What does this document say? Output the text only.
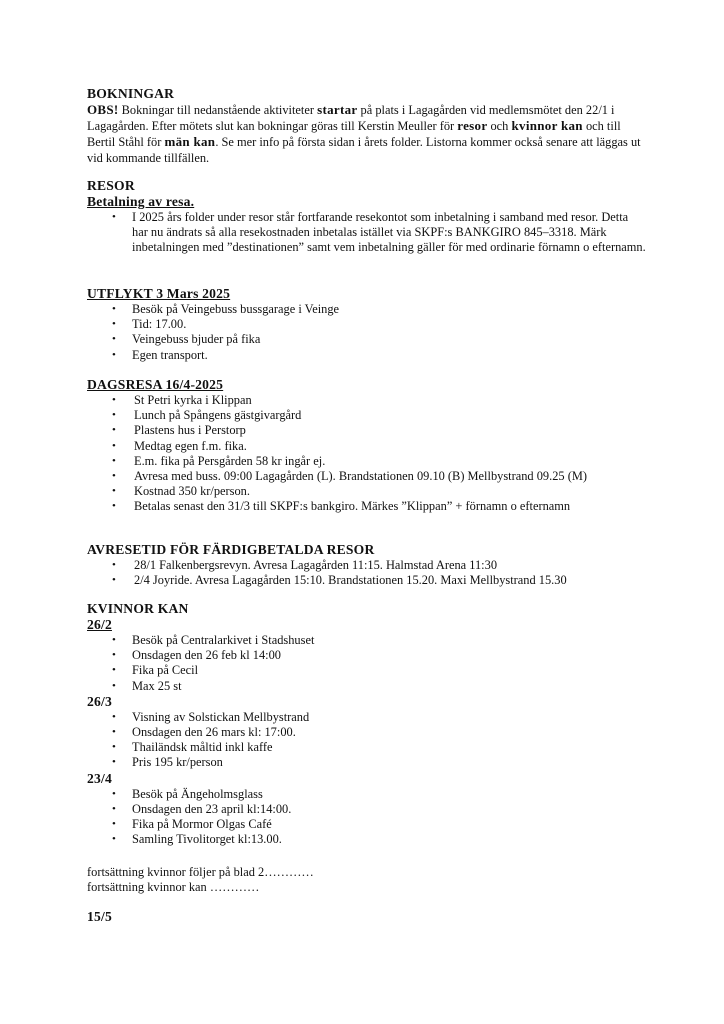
BOKNINGAR

OBS! Bokningar till nedanstående aktiviteter startar på plats i Lagagården vid medlemsmötet den 22/1 i Lagagården. Efter mötets slut kan bokningar göras till Kerstin Meuller för resor och kvinnor kan och till Bertil Ståhl för män kan. Se mer info på första sidan i årets folder. Listorna kommer också senare att läggas ut vid kommande tillfällen.

RESOR
Betalning av resa.
• I 2025 års folder under resor står fortfarande resekontot som inbetalning i samband med resor. Detta har nu ändrats så alla resekostnaden inbetalas istället via SKPF:s BANKGIRO 845–3318. Märk inbetalningen med ”destinationen” samt vem inbetalning gäller för med ordinarie förnamn o efternamn.
UTFLYKT 3 Mars 2025
• Besök på Veingebuss bussgarage i Veinge
• Tid: 17.00.
• Veingebuss bjuder på fika
• Egen transport.
DAGSRESA 16/4-2025
• St Petri kyrka i Klippan
• Lunch på Spångens gästgivargård
• Plastens hus i Perstorp
• Medtag egen f.m. fika.
• E.m. fika på Persgården 58 kr ingår ej.
• Avresa med buss. 09:00 Lagagården (L). Brandstationen 09.10 (B) Mellbystrand 09.25 (M)
• Kostnad 350 kr/person.
• Betalas senast den 31/3 till SKPF:s bankgiro. Märkes ”Klippan” + förnamn o efternamn
AVRESETID FÖR FÄRDIGBETALDA RESOR
• 28/1 Falkenbergsrevyn. Avresa Lagagården 11:15. Halmstad Arena 11:30
• 2/4 Joyride. Avresa Lagagården 15:10. Brandstationen 15.20. Maxi Mellbystrand 15.30
KVINNOR KAN
26/2
• Besök på Centralarkivet i Stadshuset
• Onsdagen den 26 feb kl 14:00
• Fika på Cecil
• Max 25 st
26/3
• Visning av Solstickan Mellbystrand
• Onsdagen den 26 mars kl: 17:00.
• Thailändsk måltid inkl kaffe
• Pris 195 kr/person
23/4
• Besök på Ängeholmsglass
• Onsdagen den 23 april kl:14:00.
• Fika på Mormor Olgas Café
• Samling Tivolitorget kl:13.00.
fortsättning kvinnor följer på blad 2…………
fortsättning kvinnor kan …………
15/5
